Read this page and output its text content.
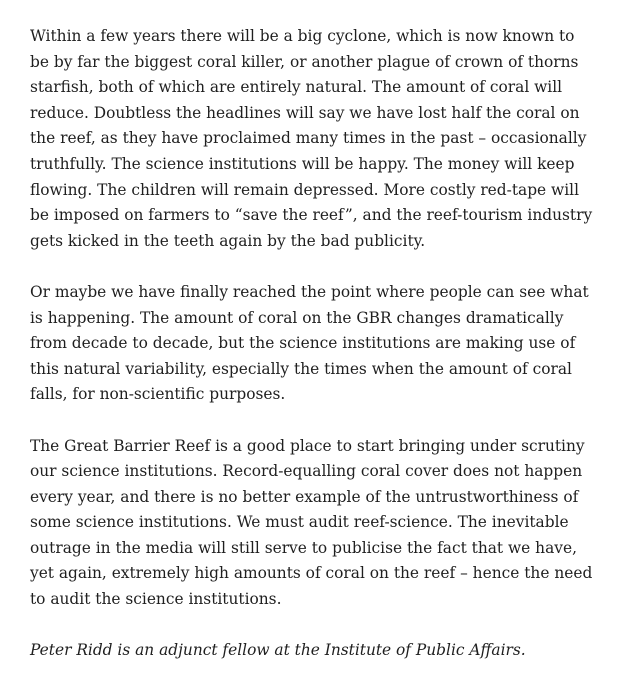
Within a few years there will be a big cyclone, which is now known to be by far the biggest coral killer, or another plague of crown of thorns starfish, both of which are entirely natural. The amount of coral will reduce. Doubtless the headlines will say we have lost half the coral on the reef, as they have proclaimed many times in the past – occasionally truthfully. The science institutions will be happy. The money will keep flowing. The children will remain depressed. More costly red-tape will be imposed on farmers to “save the reef”, and the reef-tourism industry gets kicked in the teeth again by the bad publicity.

Or maybe we have finally reached the point where people can see what is happening. The amount of coral on the GBR changes dramatically from decade to decade, but the science institutions are making use of this natural variability, especially the times when the amount of coral falls, for non-scientific purposes.

The Great Barrier Reef is a good place to start bringing under scrutiny our science institutions. Record-equalling coral cover does not happen every year, and there is no better example of the untrustworthiness of some science institutions. We must audit reef-science. The inevitable outrage in the media will still serve to publicise the fact that we have, yet again, extremely high amounts of coral on the reef – hence the need to audit the science institutions.

Peter Ridd is an adjunct fellow at the Institute of Public Affairs.
